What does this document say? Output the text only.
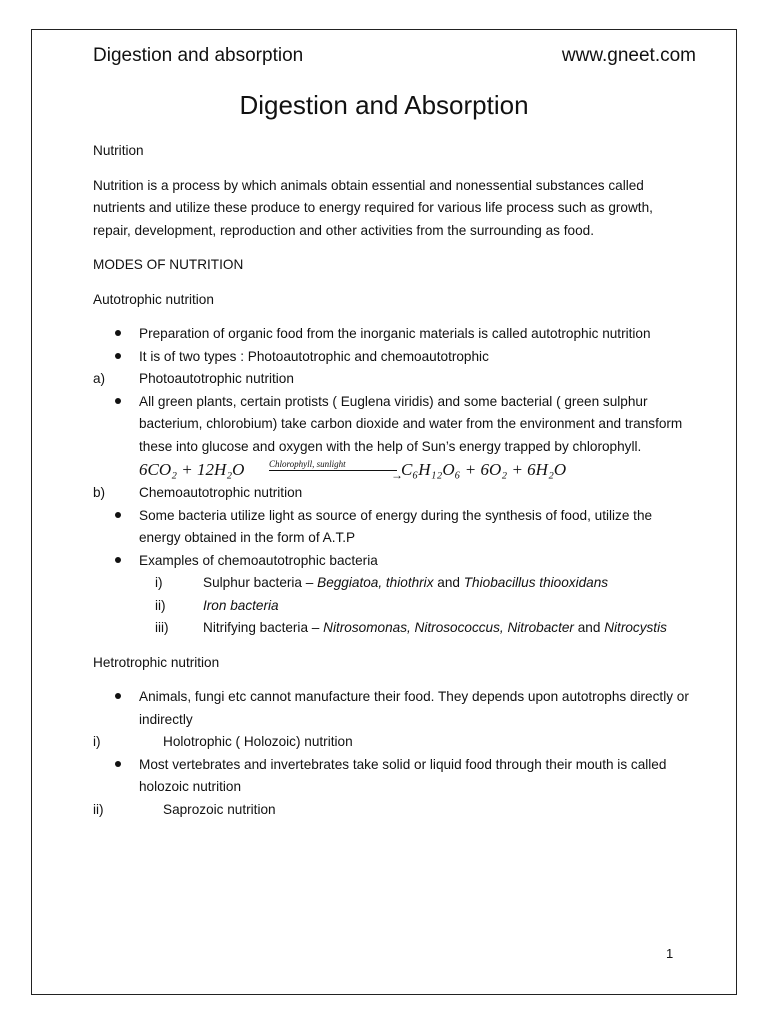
Digestion and absorption	www.gneet.com
Digestion and Absorption

Nutrition

Nutrition is a process by which animals obtain essential and nonessential substances called nutrients and utilize these produce to energy required for various life process such as growth, repair, development, reproduction and other activities from the surrounding as food.

MODES OF NUTRITION

Autotrophic nutrition

Preparation of organic food from the inorganic materials is called autotrophic nutrition
It is of two types : Photoautotrophic and chemoautotrophic
a)	Photoautotrophic nutrition
All green plants, certain protists ( Euglena viridis) and some bacterial ( green sulphur bacterium, chlorobium) take carbon dioxide and water from the environment and transform these into glucose and oxygen with the help of Sun’s energy trapped by chlorophyll.
6CO₂ + 12H₂O	Chlorophyll, sunlight
→
C₆H₁₂O₆ + 6O₂ + 6H₂O
b)	Chemoautotrophic nutrition
Some bacteria utilize light as source of energy during the synthesis of food, utilize the energy obtained in the form of A.T.P
Examples of chemoautotrophic bacteria
i)	Sulphur bacteria – Beggiatoa, thiothrix and Thiobacillus thiooxidans
ii)	Iron bacteria
iii)	Nitrifying bacteria – Nitrosomonas, Nitrosococcus, Nitrobacter and Nitrocystis

Hetrotrophic nutrition

Animals, fungi etc cannot manufacture their food. They depends upon autotrophs directly or indirectly
i)	Holotrophic ( Holozoic) nutrition
Most vertebrates and invertebrates take solid or liquid food through their mouth is called holozoic nutrition
ii)	Saprozoic nutrition
1
